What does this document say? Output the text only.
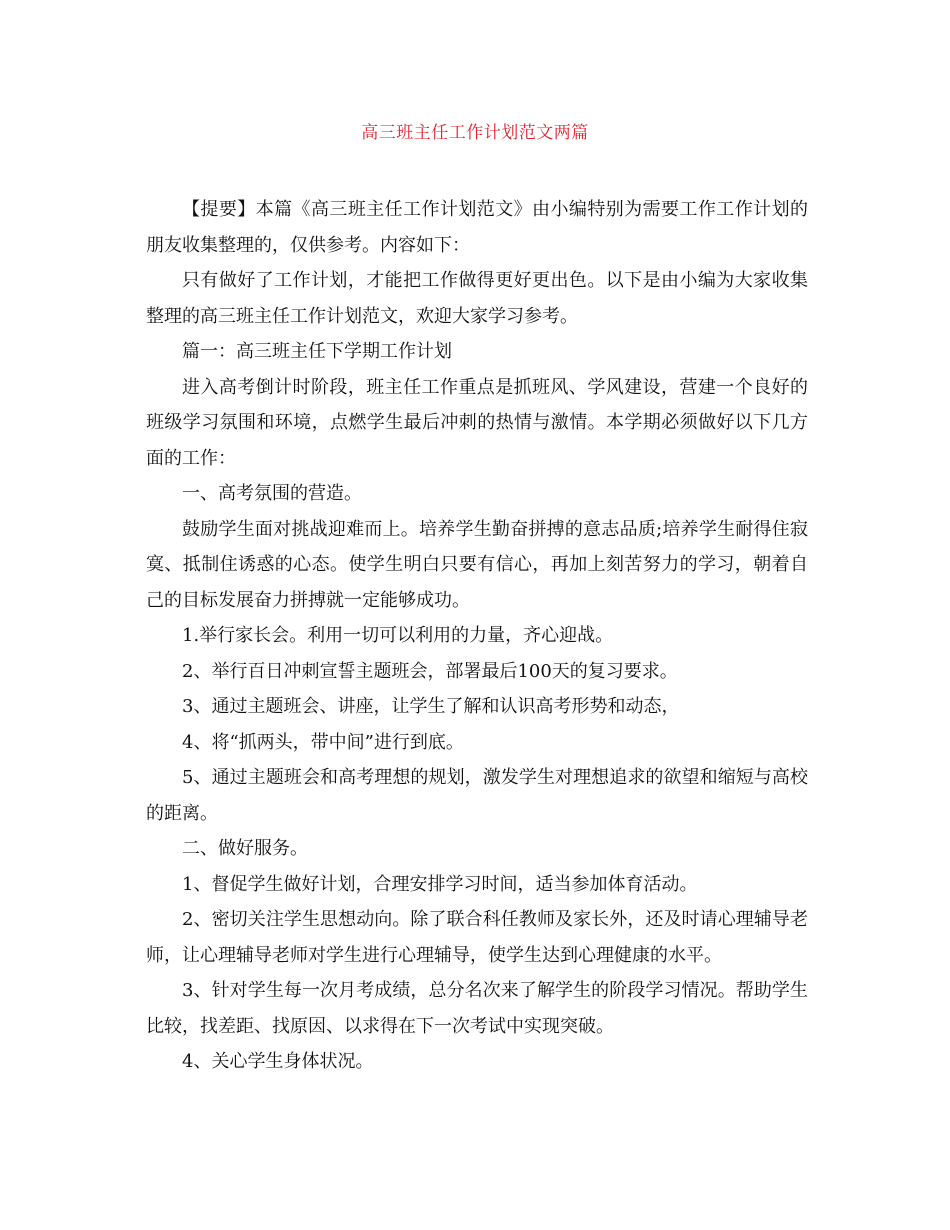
高三班主任工作计划范文两篇

【提要】本篇《高三班主任工作计划范文》由小编特别为需要工作工作计划的朋友收集整理的，仅供参考。内容如下：

只有做好了工作计划，才能把工作做得更好更出色。以下是由小编为大家收集整理的高三班主任工作计划范文，欢迎大家学习参考。

篇一：高三班主任下学期工作计划

进入高考倒计时阶段，班主任工作重点是抓班风、学风建设，营建一个良好的班级学习氛围和环境，点燃学生最后冲刺的热情与激情。本学期必须做好以下几方面的工作：

一、高考氛围的营造。

鼓励学生面对挑战迎难而上。培养学生勤奋拼搏的意志品质;培养学生耐得住寂寞、抵制住诱惑的心态。使学生明白只要有信心，再加上刻苦努力的学习，朝着自己的目标发展奋力拼搏就一定能够成功。

1.举行家长会。利用一切可以利用的力量，齐心迎战。

2、举行百日冲刺宣誓主题班会，部署最后100天的复习要求。

3、通过主题班会、讲座，让学生了解和认识高考形势和动态，

4、将“抓两头，带中间”进行到底。

5、通过主题班会和高考理想的规划，激发学生对理想追求的欲望和缩短与高校的距离。

二、做好服务。

1、督促学生做好计划，合理安排学习时间，适当参加体育活动。

2、密切关注学生思想动向。除了联合科任教师及家长外，还及时请心理辅导老师，让心理辅导老师对学生进行心理辅导，使学生达到心理健康的水平。

3、针对学生每一次月考成绩，总分名次来了解学生的阶段学习情况。帮助学生比较，找差距、找原因、以求得在下一次考试中实现突破。

4、关心学生身体状况。
